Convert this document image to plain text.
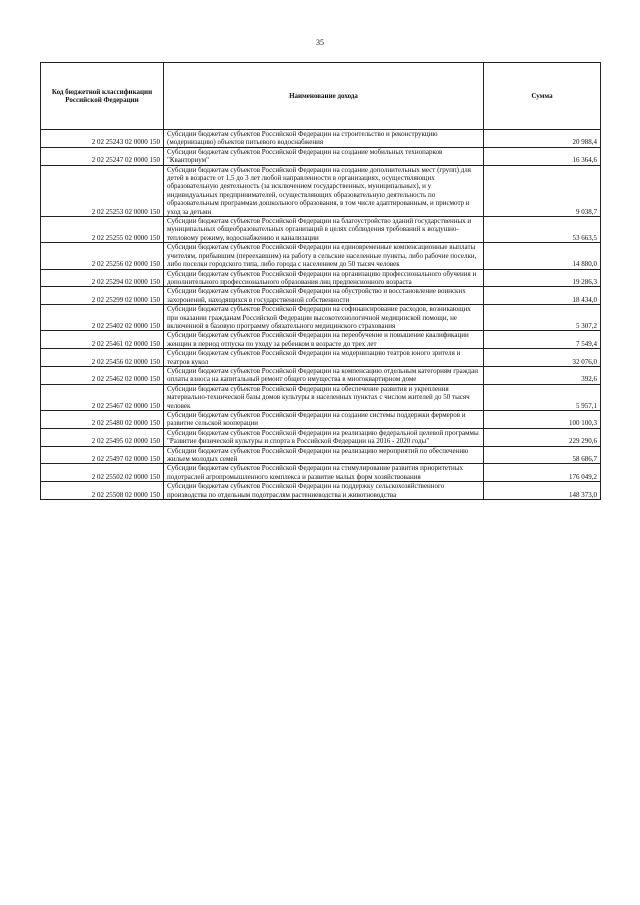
35
Код бюджетной классификации Российской Федерации	Наименование дохода	Сумма
2 02 25243 02 0000 150	Субсидии бюджетам субъектов Российской Федерации на строительство и реконструкцию (модернизацию) объектов питьевого водоснабжения	20 988,4
2 02 25247 02 0000 150	Субсидии бюджетам субъектов Российской Федерации на создание мобильных технопарков "Кванториум"	16 364,6
2 02 25253 02 0000 150	Субсидии бюджетам субъектов Российской Федерации на создание дополнительных мест (групп) для детей в возрасте от 1,5 до 3 лет любой направленности в организациях, осуществляющих образовательную деятельность (за исключением государственных, муниципальных), и у индивидуальных предпринимателей, осуществляющих образовательную деятельность по образовательным программам дошкольного образования, в том числе адаптированным, и присмотр и уход за детьми	9 038,7
2 02 25255 02 0000 150	Субсидии бюджетам субъектов Российской Федерации на благоустройство зданий государственных и муниципальных общеобразовательных организаций в целях соблюдения требований к воздушно-тепловому режиму, водоснабжению и канализации	53 663,5
2 02 25256 02 0000 150	Субсидии бюджетам субъектов Российской Федерации на единовременные компенсационные выплаты учителям, прибывшим (переехавшим) на работу в сельские населенные пункты, либо рабочие поселки, либо поселки городского типа, либо города с населением до 50 тысяч человек	14 880,0
2 02 25294 02 0000 150	Субсидии бюджетам субъектов Российской Федерации на организацию профессионального обучения и дополнительного профессионального образования лиц предпенсионного возраста	19 286,3
2 02 25299 02 0000 150	Субсидии бюджетам субъектов Российской Федерации на обустройство и восстановление воинских захоронений, находящихся в государственной собственности	18 434,0
2 02 25402 02 0000 150	Субсидии бюджетам субъектов Российской Федерации на софинансирование расходов, возникающих при оказании гражданам Российской Федерации высокотехнологичной медицинской помощи, не включенной в базовую программу обязательного медицинского страхования	5 307,2
2 02 25461 02 0000 150	Субсидии бюджетам субъектов Российской Федерации на переобучение и повышение квалификации женщин в период отпуска по уходу за ребенком в возрасте до трех лет	7 549,4
2 02 25456 02 0000 150	Субсидии бюджетам субъектов Российской Федерации на модернизацию театров юного зрителя и театров кукол	32 076,0
2 02 25462 02 0000 150	Субсидии бюджетам субъектов Российской Федерации на компенсацию отдельным категориям граждан оплаты взноса на капитальный ремонт общего имущества в многоквартирном доме	392,6
2 02 25467 02 0000 150	Субсидии бюджетам субъектов Российской Федерации на обеспечение развития и укрепления материально-технической базы домов культуры в населенных пунктах с числом жителей до 50 тысяч человек	5 957,1
2 02 25480 02 0000 150	Субсидии бюджетам субъектов Российской Федерации на создание системы поддержки фермеров и развитие сельской кооперации	100 100,3
2 02 25495 02 0000 150	Субсидии бюджетам субъектов Российской Федерации на реализацию федеральной целевой программы "Развитие физической культуры и спорта в Российской Федерации на 2016 - 2020 годы"	229 290,6
2 02 25497 02 0000 150	Субсидии бюджетам субъектов Российской Федерации на реализацию мероприятий по обеспечению жильем молодых семей	58 686,7
2 02 25502 02 0000 150	Субсидии бюджетам субъектов Российской Федерации на стимулирование развития приоритетных подотраслей агропромышленного комплекса и развитие малых форм хозяйствования	176 049,2
2 02 25508 02 0000 150	Субсидии бюджетам субъектов Российской Федерации на поддержку сельскохозяйственного производства по отдельным подотраслям растениеводства и животноводства	148 373,0
